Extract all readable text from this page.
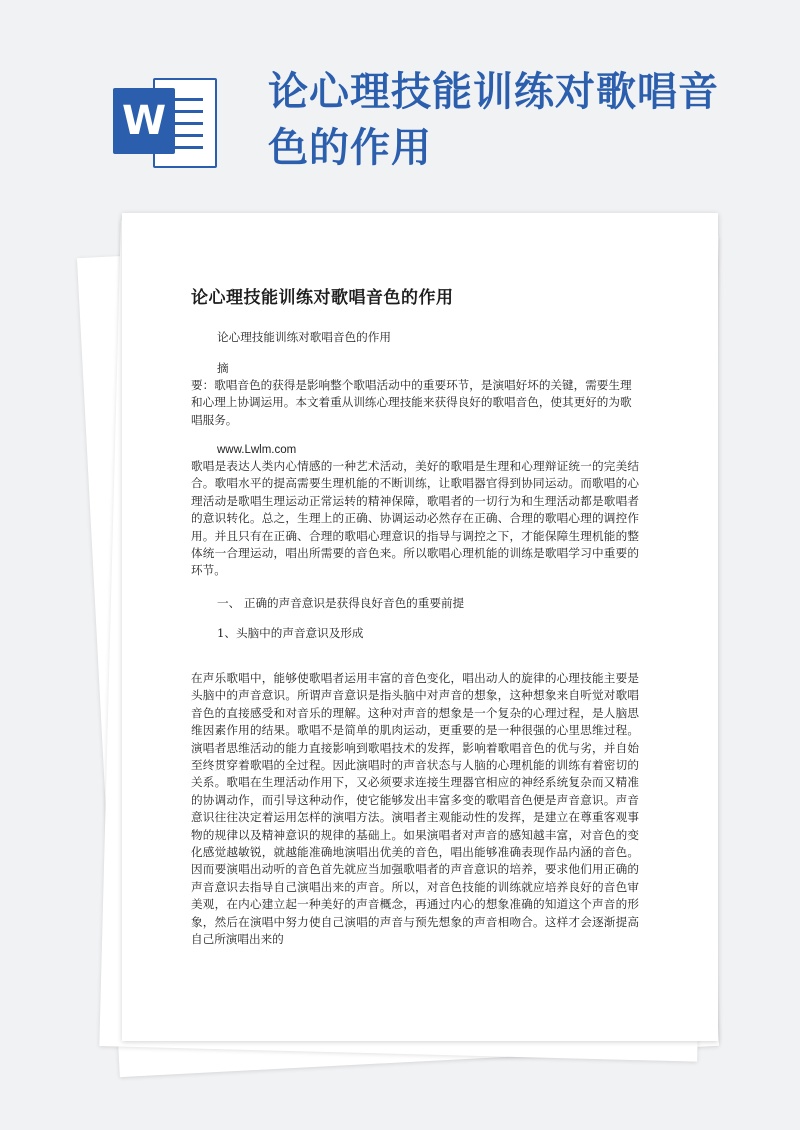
W
论心理技能训练对歌唱音色的作用
论心理技能训练对歌唱音色的作用

论心理技能训练对歌唱音色的作用

摘

要：歌唱音色的获得是影响整个歌唱活动中的重要环节，是演唱好坏的关键，需要生理和心理上协调运用。本文着重从训练心理技能来获得良好的歌唱音色，使其更好的为歌唱服务。

www.Lwlm.com

歌唱是表达人类内心情感的一种艺术活动，美好的歌唱是生理和心理辩证统一的完美结合。歌唱水平的提高需要生理机能的不断训练，让歌唱器官得到协同运动。而歌唱的心理活动是歌唱生理运动正常运转的精神保障，歌唱者的一切行为和生理活动都是歌唱者的意识转化。总之，生理上的正确、协调运动必然存在正确、合理的歌唱心理的调控作用。并且只有在正确、合理的歌唱心理意识的指导与调控之下，才能保障生理机能的整体统一合理运动，唱出所需要的音色来。所以歌唱心理机能的训练是歌唱学习中重要的环节。

一、 正确的声音意识是获得良好音色的重要前提

1、头脑中的声音意识及形成

在声乐歌唱中，能够使歌唱者运用丰富的音色变化，唱出动人的旋律的心理技能主要是头脑中的声音意识。所谓声音意识是指头脑中对声音的想象，这种想象来自听觉对歌唱音色的直接感受和对音乐的理解。这种对声音的想象是一个复杂的心理过程，是人脑思维因素作用的结果。歌唱不是简单的肌肉运动，更重要的是一种很强的心里思维过程。演唱者思维活动的能力直接影响到歌唱技术的发挥，影响着歌唱音色的优与劣，并自始至终贯穿着歌唱的全过程。因此演唱时的声音状态与人脑的心理机能的训练有着密切的关系。歌唱在生理活动作用下，又必须要求连接生理器官相应的神经系统复杂而又精准的协调动作，而引导这种动作，使它能够发出丰富多变的歌唱音色便是声音意识。声音意识往往决定着运用怎样的演唱方法。演唱者主观能动性的发挥，是建立在尊重客观事物的规律以及精神意识的规律的基础上。如果演唱者对声音的感知越丰富，对音色的变化感觉越敏锐，就越能准确地演唱出优美的音色，唱出能够准确表现作品内涵的音色。因而要演唱出动听的音色首先就应当加强歌唱者的声音意识的培养，要求他们用正确的声音意识去指导自己演唱出来的声音。所以，对音色技能的训练就应培养良好的音色审美观，在内心建立起一种美好的声音概念，再通过内心的想象准确的知道这个声音的形象，然后在演唱中努力使自己演唱的声音与预先想象的声音相吻合。这样才会逐渐提高自己所演唱出来的
